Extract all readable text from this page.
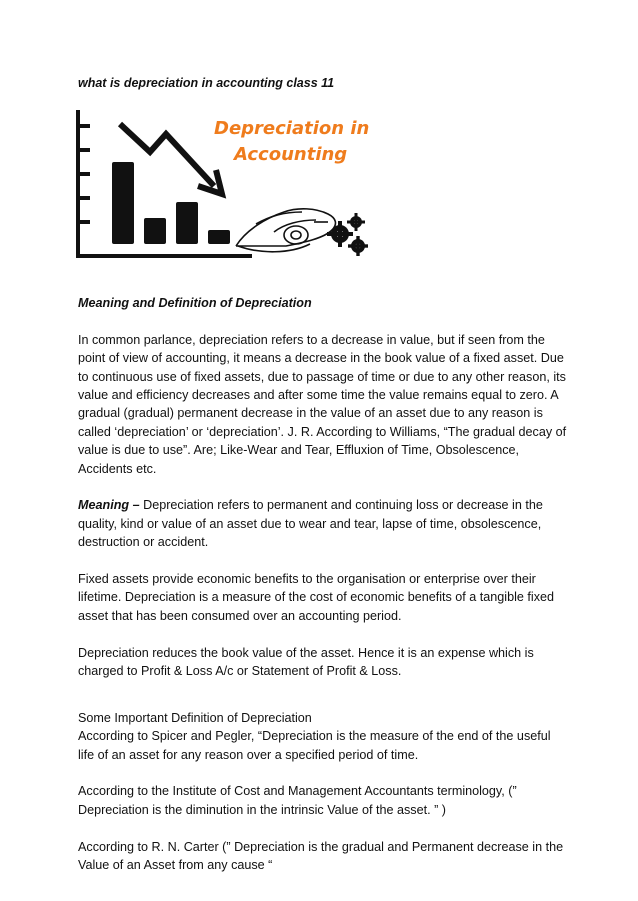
what is depreciation in accounting class 11
Depreciation in
Accounting

Meaning and Definition of Depreciation

In common parlance, depreciation refers to a decrease in value, but if seen from the point of view of accounting, it means a decrease in the book value of a fixed asset. Due to continuous use of fixed assets, due to passage of time or due to any other reason, its value and efficiency decreases and after some time the value remains equal to zero. A gradual (gradual) permanent decrease in the value of an asset due to any reason is called ‘depreciation’ or ‘depreciation’. J. R. According to Williams, “The gradual decay of value is due to use”. Are; Like-Wear and Tear, Effluxion of Time, Obsolescence, Accidents etc.

Meaning – Depreciation refers to permanent and continuing loss or decrease in the quality, kind or value of an asset due to wear and tear, lapse of time, obsolescence, destruction or accident.

Fixed assets provide economic benefits to the organisation or enterprise over their lifetime. Depreciation is a measure of the cost of economic benefits of a tangible fixed asset that has been consumed over an accounting period.

Depreciation reduces the book value of the asset. Hence it is an expense which is charged to Profit & Loss A/c or Statement of Profit & Loss.

Some Important Definition of Depreciation

According to Spicer and Pegler, “Depreciation is the measure of the end of the useful life of an asset for any reason over a specified period of time.

According to the Institute of Cost and Management Accountants terminology, (” Depreciation is the diminution in the intrinsic Value of the asset. ” )

According to R. N. Carter (” Depreciation is the gradual and Permanent decrease in the Value of an Asset from any cause “
